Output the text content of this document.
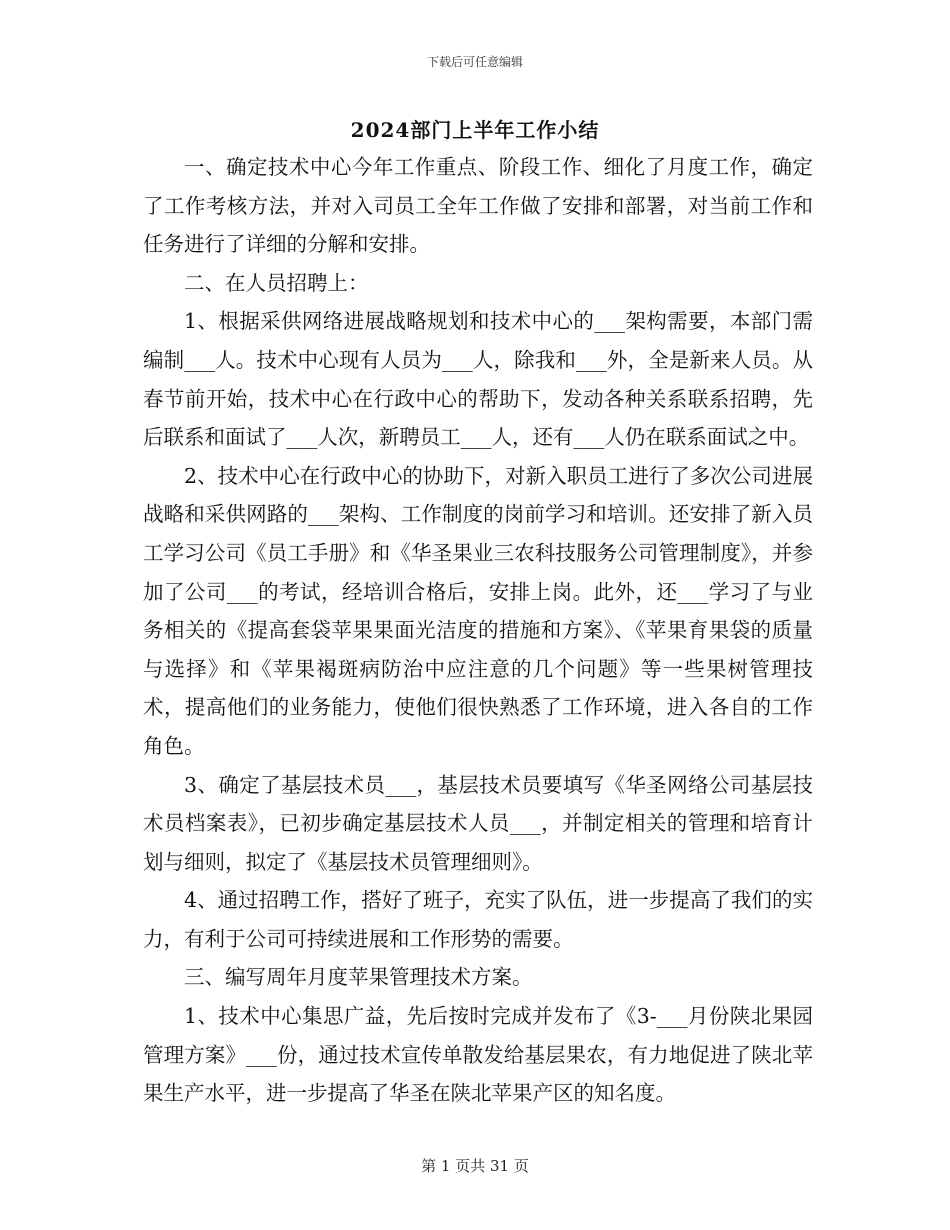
下载后可任意编辑
2024部门上半年工作小结

一、确定技术中心今年工作重点、阶段工作、细化了月度工作，确定了工作考核方法，并对入司员工全年工作做了安排和部署，对当前工作和任务进行了详细的分解和安排。

二、在人员招聘上：

1、根据采供网络进展战略规划和技术中心的___架构需要，本部门需编制___人。技术中心现有人员为___人，除我和___外，全是新来人员。从春节前开始，技术中心在行政中心的帮助下，发动各种关系联系招聘，先后联系和面试了___人次，新聘员工___人，还有___人仍在联系面试之中。

2、技术中心在行政中心的协助下，对新入职员工进行了多次公司进展战略和采供网路的___架构、工作制度的岗前学习和培训。还安排了新入员工学习公司《员工手册》和《华圣果业三农科技服务公司管理制度》，并参加了公司___的考试，经培训合格后，安排上岗。此外，还___学习了与业务相关的《提高套袋苹果果面光洁度的措施和方案》、《苹果育果袋的质量与选择》和《苹果褐斑病防治中应注意的几个问题》等一些果树管理技术，提高他们的业务能力，使他们很快熟悉了工作环境，进入各自的工作角色。

3、确定了基层技术员___，基层技术员要填写《华圣网络公司基层技术员档案表》，已初步确定基层技术人员___，并制定相关的管理和培育计划与细则，拟定了《基层技术员管理细则》。

4、通过招聘工作，搭好了班子，充实了队伍，进一步提高了我们的实力，有利于公司可持续进展和工作形势的需要。

三、编写周年月度苹果管理技术方案。

1、技术中心集思广益，先后按时完成并发布了《3-___月份陕北果园管理方案》___份，通过技术宣传单散发给基层果农，有力地促进了陕北苹果生产水平，进一步提高了华圣在陕北苹果产区的知名度。

第 1 页共 31 页
